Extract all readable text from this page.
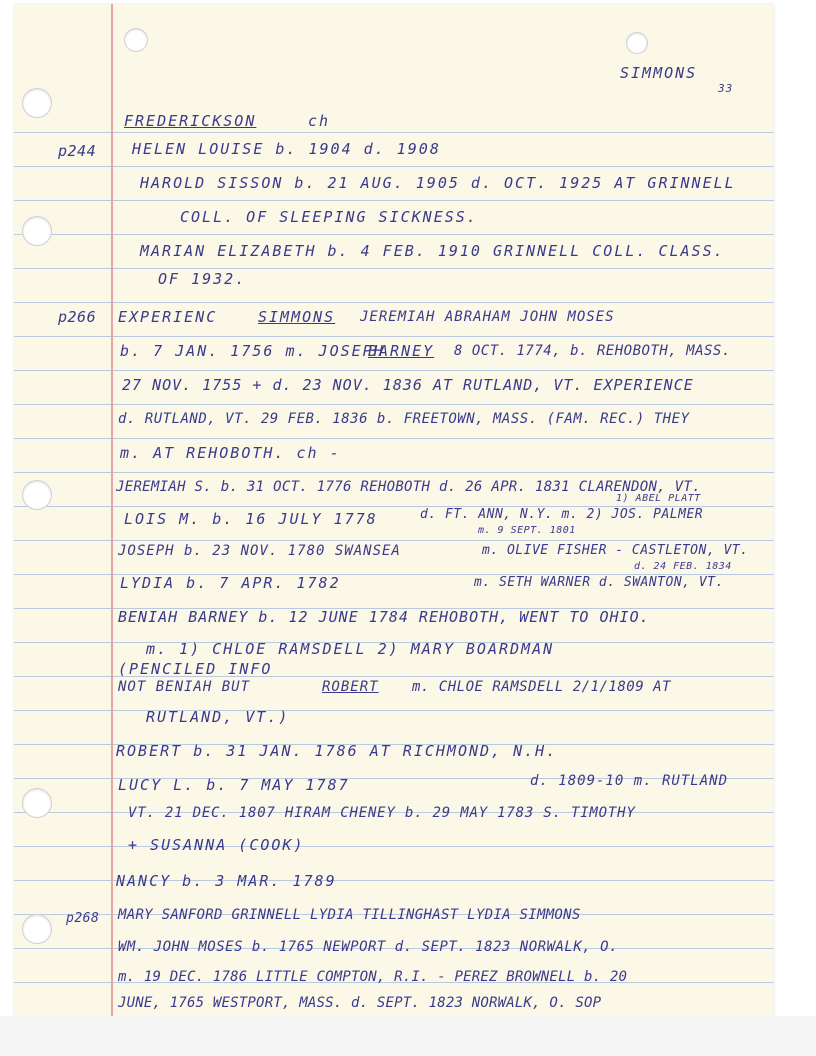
SIMMONS
33
FREDERICKSON	ch
p244
p266
p268
HELEN LOUISE b. 1904 d. 1908
HAROLD SISSON b. 21 AUG. 1905 d. OCT. 1925 AT GRINNELL
COLL. OF SLEEPING SICKNESS.
MARIAN ELIZABETH b. 4 FEB. 1910 GRINNELL COLL. CLASS.
OF 1932.
EXPERIENC	SIMMONS JEREMIAH ABRAHAM JOHN MOSES
b. 7 JAN. 1756 m. JOSEPH
BARNEY 8 OCT. 1774, b. REHOBOTH, MASS.
27 NOV. 1755 + d. 23 NOV. 1836 AT RUTLAND, VT. EXPERIENCE
d. RUTLAND, VT. 29 FEB. 1836 b. FREETOWN, MASS. (FAM. REC.) THEY
m. AT REHOBOTH. ch -
JEREMIAH S. b. 31 OCT. 1776 REHOBOTH d. 26 APR. 1831 CLARENDON, VT.
1) ABEL PLATT
LOIS M. b. 16 JULY 1778	d. FT. ANN, N.Y. m. 2) JOS. PALMER
m. 9 SEPT. 1801
JOSEPH b. 23 NOV. 1780 SWANSEA	m. OLIVE FISHER - CASTLETON, VT.
d. 24 FEB. 1834
LYDIA b. 7 APR. 1782	m. SETH WARNER d. SWANTON, VT.
BENIAH BARNEY b. 12 JUNE 1784 REHOBOTH, WENT TO OHIO.
m. 1) CHLOE RAMSDELL 2) MARY BOARDMAN
(PENCILED INFO
NOT BENIAH BUT	ROBERT m. CHLOE RAMSDELL 2/1/1809 AT
RUTLAND, VT.)
ROBERT b. 31 JAN. 1786 AT RICHMOND, N.H.
LUCY L. b. 7 MAY 1787	d. 1809-10 m. RUTLAND
VT. 21 DEC. 1807 HIRAM CHENEY b. 29 MAY 1783 S. TIMOTHY
+ SUSANNA (COOK)
NANCY b. 3 MAR. 1789
MARY SANFORD GRINNELL LYDIA TILLINGHAST LYDIA SIMMONS
WM. JOHN MOSES b. 1765 NEWPORT d. SEPT. 1823 NORWALK, O.
m. 19 DEC. 1786 LITTLE COMPTON, R.I. - PEREZ BROWNELL b. 20
JUNE, 1765 WESTPORT, MASS. d. SEPT. 1823 NORWALK, O. SOP
